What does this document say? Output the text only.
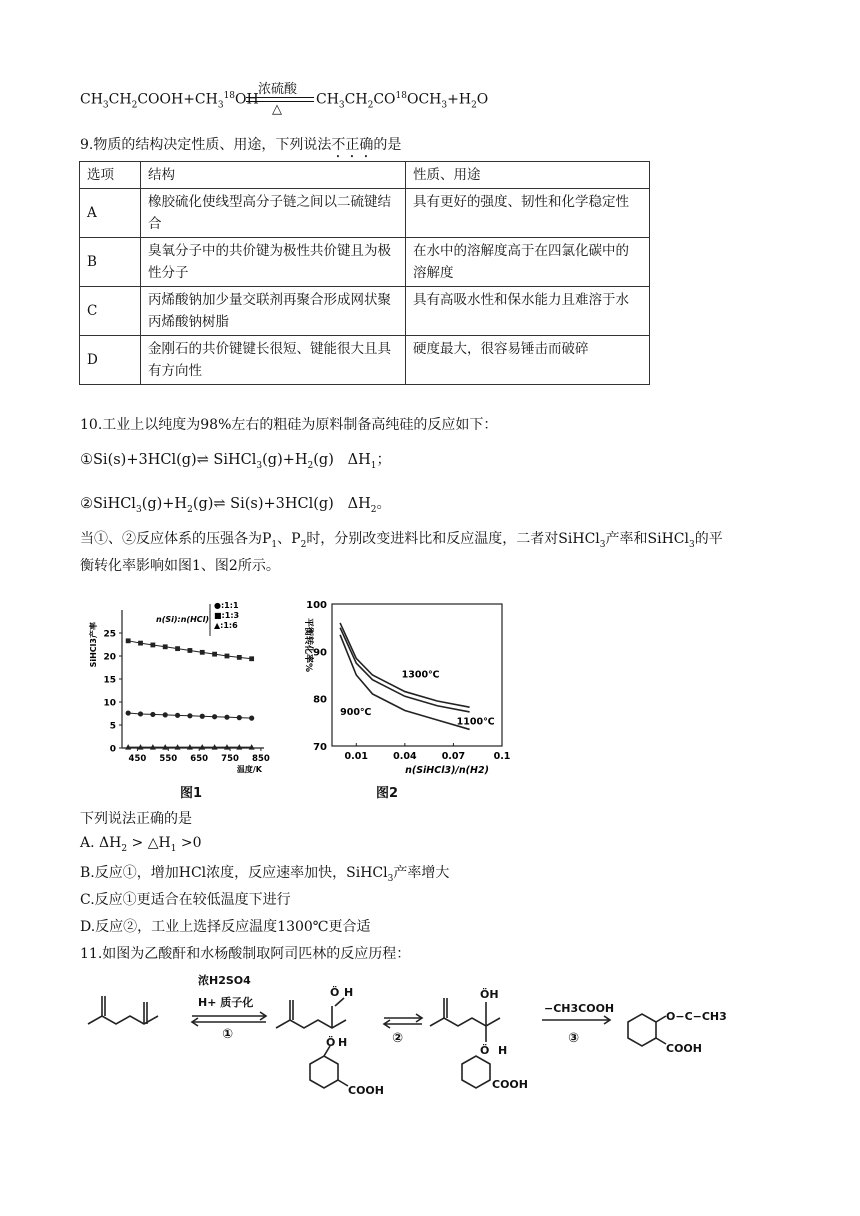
$CH_3CH_2COOH+CH_3^{18}OH$
浓硫酸
△
$CH_3CH_2CO^{18}OCH_3+H_2O$
9.物质的结构决定性质、用途，下列说法不正确的是
选项	结构	性质、用途
A	橡胶硫化使线型高分子链之间以二硫键结合	具有更好的强度、韧性和化学稳定性
B	臭氧分子中的共价键为极性共价键且为极性分子	在水中的溶解度高于在四氯化碳中的溶解度
C	丙烯酸钠加少量交联剂再聚合形成网状聚丙烯酸钠树脂	具有高吸水性和保水能力且难溶于水
D	金刚石的共价键键长很短、键能很大且具有方向性	硬度最大，很容易锤击而破碎
10.工业上以纯度为98%左右的粗硅为原料制备高纯硅的反应如下：
①Si(s)+3HCl(g)⇌ $SiHCl_3(g)+H_2(g)$   $\Delta H_1$；
$②SiHCl_3(g)+H_2(g)\rightleftharpoons$ Si(s)+3HCl(g)   $\Delta H_2$。
当①、②反应体系的压强各为$P_1$、$P_2$时，分别改变进料比和反应温度，二者对SiHCl$_3$产率和SiHCl$_3$的平
衡转化率影响如图1、图2所示。
0
5
10
15
20
25
450 550 650 750 850
温度/K
SiHCl3产率
n(Si):n(HCl)
●:1:1
■:1:3
▲:1:6
图1
70
80
90
100
0.01	0.04	0.07	0.1
n(SiHCl3)/n(H2)
平衡转化率%
1300℃
1100℃
900℃
图2
下列说法正确的是
A. $\Delta H_2$ > $\triangle H_1 >0$
B.反应①，增加HCl浓度，反应速率加快，SiHCl$_3$产率增大
C.反应①更适合在较低温度下进行
D.反应②，工业上选择反应温度1300℃更合适
11.如图为乙酸酐和水杨酸制取阿司匹林的反应历程：
浓H2SO4
H+ 质子化
①	②
−CH3COOH
③
Ö H
Ö H
COOH
ÖH
Ö H
COOH
O−C−CH3
COOH
